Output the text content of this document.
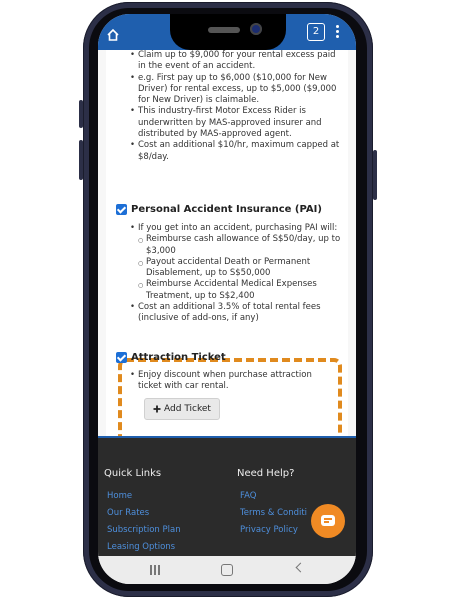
2
• Claim up to $9,000 for your rental excess paid in the event of an accident.
• e.g. First pay up to $6,000 ($10,000 for New Driver) for rental excess, up to $5,000 ($9,000 for New Driver) is claimable.
• This industry-first Motor Excess Rider is underwritten by MAS-approved insurer and distributed by MAS-approved agent.
• Cost an additional $10/hr, maximum capped at $8/day.
Personal Accident Insurance (PAI)
• If you get into an accident, purchasing PAI will:
○ Reimburse cash allowance of S$50/day, up to $3,000
○ Payout accidental Death or Permanent Disablement, up to S$50,000
○ Reimburse Accidental Medical Expenses Treatment, up to S$2,400
• Cost an additional 3.5% of total rental fees (inclusive of add-ons, if any)
Attraction Ticket
• Enjoy discount when purchase attraction ticket with car rental.
Add Ticket
Quick Links	Need Help?
Home
Our Rates
Subscription Plan
Leasing Options
FAQ
Terms & Conditi
Privacy Policy
